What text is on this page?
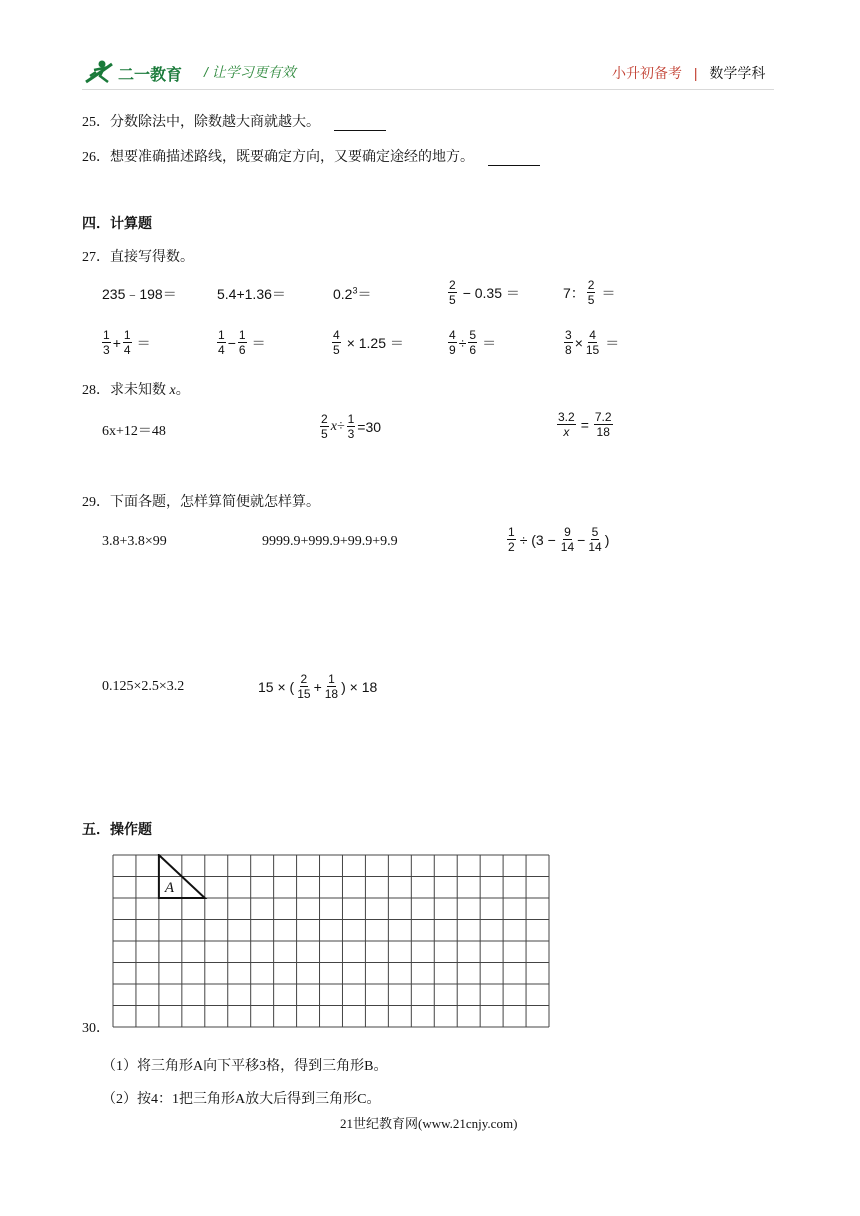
二一教育 / 让学习更有效	小升初备考 | 数学学科
25．分数除法中，除数越大商就越大。
26．想要准确描述路线，既要确定方向，又要确定途经的地方。
四．计算题
27．直接写得数。
235﹣198＝	5.4+1.36＝	$0.2^3=$	$\frac{2}{5} - 0.35$ ＝	7： $\frac{2}{5}$ ＝
$\frac{1}{3} + \frac{1}{4}$ ＝	$\frac{1}{4} - \frac{1}{6}$ ＝	$\frac{4}{5} \times 1.25$ ＝	$\frac{4}{9} \div \frac{5}{6}$ ＝	$\frac{3}{8} \times \frac{4}{15}$ ＝
28．求未知数 x。
6x+12＝48	$\frac{2}{5} x\div \frac{1}{3} =30$	$\frac{3.2}{x} = \frac{7.2}{18}$
29．下面各题，怎样算简便就怎样算。
3.8+3.8×99	9999.9+999.9+99.9+9.9	$\frac{1}{2} \div (3 - \frac{9}{14} - \frac{5}{14}$ )
0.125×2.5×3.2	15 × ( $\frac{2}{15} + \frac{1}{18}$ ) × 18
五．操作题
30．
A
（1）将三角形A向下平移3格，得到三角形B。
（2）按4：1把三角形A放大后得到三角形C。
21世纪教育网(www.21cnjy.com)
